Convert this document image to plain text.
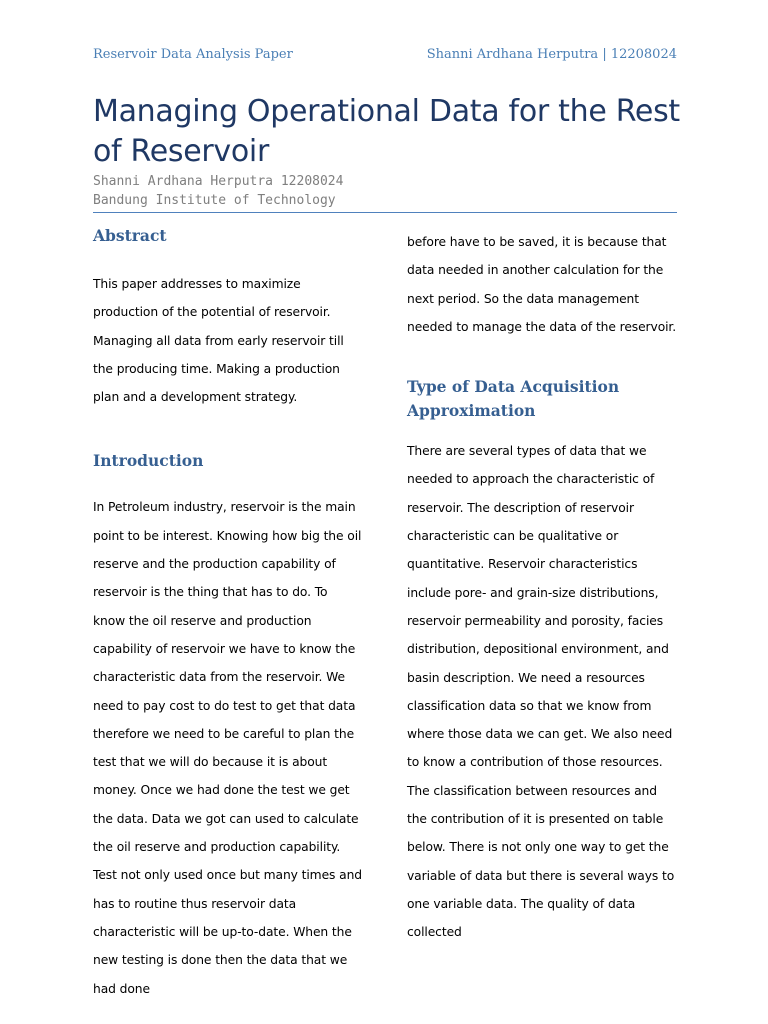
Reservoir Data Analysis Paper	Shanni Ardhana Herputra | 12208024
Managing Operational Data for the Rest of Reservoir
Shanni Ardhana Herputra 12208024
Bandung Institute of Technology
Abstract

This paper addresses to maximize production of the potential of reservoir. Managing all data from early reservoir till the producing time. Making a production plan and a development strategy.

Introduction

In Petroleum industry, reservoir is the main point to be interest. Knowing how big the oil reserve and the production capability of reservoir is the thing that has to do. To know the oil reserve and production capability of reservoir we have to know the characteristic data from the reservoir. We need to pay cost to do test to get that data therefore we need to be careful to plan the test that we will do because it is about money. Once we had done the test we get the data. Data we got can used to calculate the oil reserve and production capability. Test not only used once but many times and has to routine thus reservoir data characteristic will be up-to-date. When the new testing is done then the data that we had done

before have to be saved, it is because that data needed in another calculation for the next period. So the data management needed to manage the data of the reservoir.

Type of Data Acquisition Approximation

There are several types of data that we needed to approach the characteristic of reservoir. The description of reservoir characteristic can be qualitative or quantitative. Reservoir characteristics include pore- and grain-size distributions, reservoir permeability and porosity, facies distribution, depositional environment, and basin description. We need a resources classification data so that we know from where those data we can get. We also need to know a contribution of those resources. The classification between resources and the contribution of it is presented on table below. There is not only one way to get the variable of data but there is several ways to one variable data. The quality of data collected
